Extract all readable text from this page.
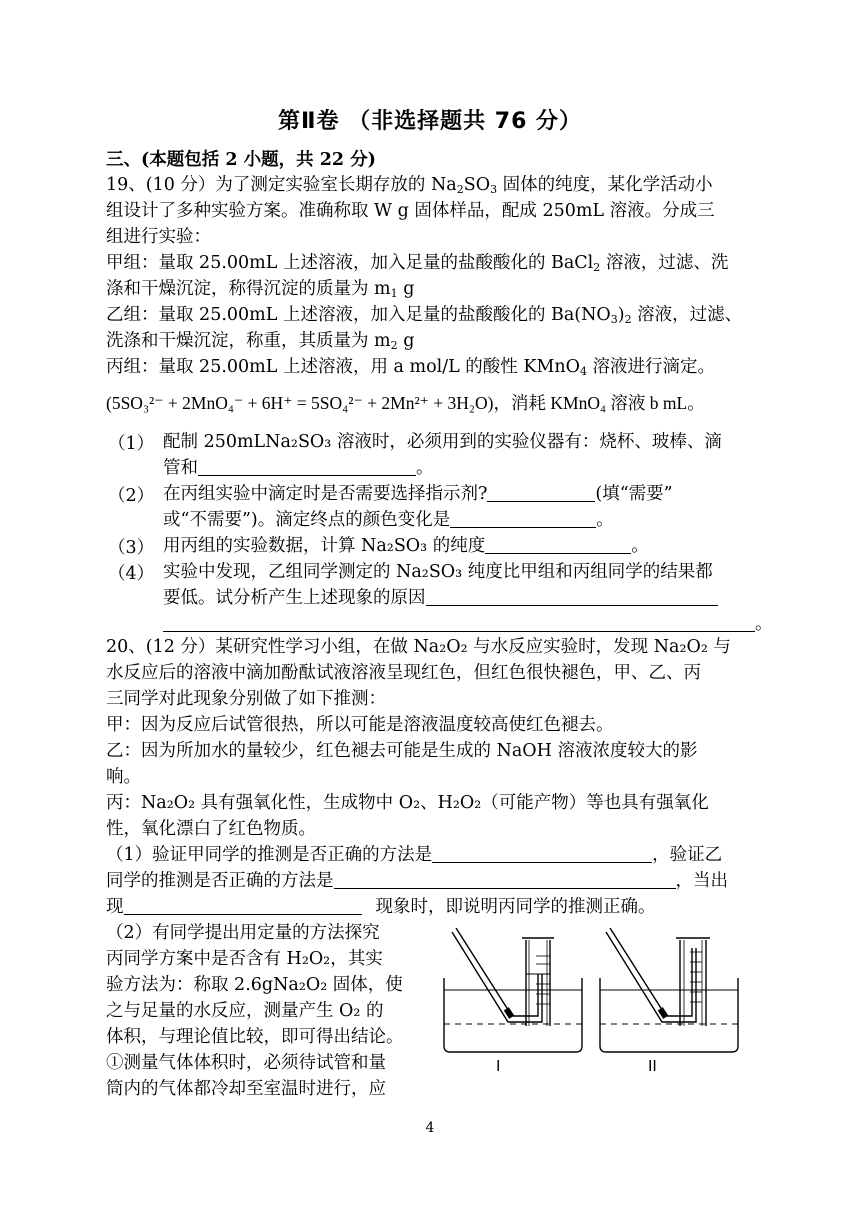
第Ⅱ卷 （非选择题共 76 分）
三、(本题包括 2 小题，共 22 分)
19、(10 分）为了测定实验室长期存放的 $Na_2SO_3$ 固体的纯度，某化学活动小
组设计了多种实验方案。准确称取 W g 固体样品，配成 250mL 溶液。分成三
组进行实验：
甲组：量取 25.00mL 上述溶液，加入足量的盐酸酸化的 BaCl$_2$ 溶液，过滤、洗
涤和干燥沉淀，称得沉淀的质量为 $m_1$ g
乙组：量取 25.00mL 上述溶液，加入足量的盐酸酸化的 $Ba(NO_3)_2$ 溶液，过滤、
洗涤和干燥沉淀，称重，其质量为 $m_2$ g
丙组：量取 25.00mL 上述溶液，用 a mol/L 的酸性 KMnO$_4$ 溶液进行滴定。
(5SO₃²⁻ + 2MnO₄⁻ + 6H⁺ = 5SO₄²⁻ + 2Mn²⁺ + 3H₂O)，消耗 KMnO₄ 溶液 b mL。
（1） 配制 250mLNa₂SO₃ 溶液时，必须用到的实验仪器有：烧杯、玻棒、滴
管和	。
（2） 在丙组实验中滴定时是否需要选择指示剂?	(填“需要”
或“不需要”)。滴定终点的颜色变化是	。
（3） 用丙组的实验数据，计算 Na₂SO₃ 的纯度	。
（4） 实验中发现，乙组同学测定的 Na₂SO₃ 纯度比甲组和丙组同学的结果都
要低。试分析产生上述现象的原因
。
20、(12 分）某研究性学习小组，在做 Na₂O₂ 与水反应实验时，发现 Na₂O₂ 与
水反应后的溶液中滴加酚酞试液溶液呈现红色，但红色很快褪色，甲、乙、丙
三同学对此现象分别做了如下推测：
甲：因为反应后试管很热，所以可能是溶液温度较高使红色褪去。
乙：因为所加水的量较少，红色褪去可能是生成的 NaOH 溶液浓度较大的影
响。
丙：Na₂O₂ 具有强氧化性，生成物中 O₂、H₂O₂（可能产物）等也具有强氧化
性，氧化漂白了红色物质。
（1）验证甲同学的推测是否正确的方法是	，验证乙
同学的推测是否正确的方法是	，当出
现	现象时，即说明丙同学的推测正确。
（2）有同学提出用定量的方法探究
丙同学方案中是否含有 H₂O₂，其实
验方法为：称取 2.6gNa₂O₂ 固体，使
之与足量的水反应，测量产生 O₂ 的
体积，与理论值比较，即可得出结论。
①测量气体体积时，必须待试管和量
筒内的气体都冷却至室温时进行，应
I	II
4
